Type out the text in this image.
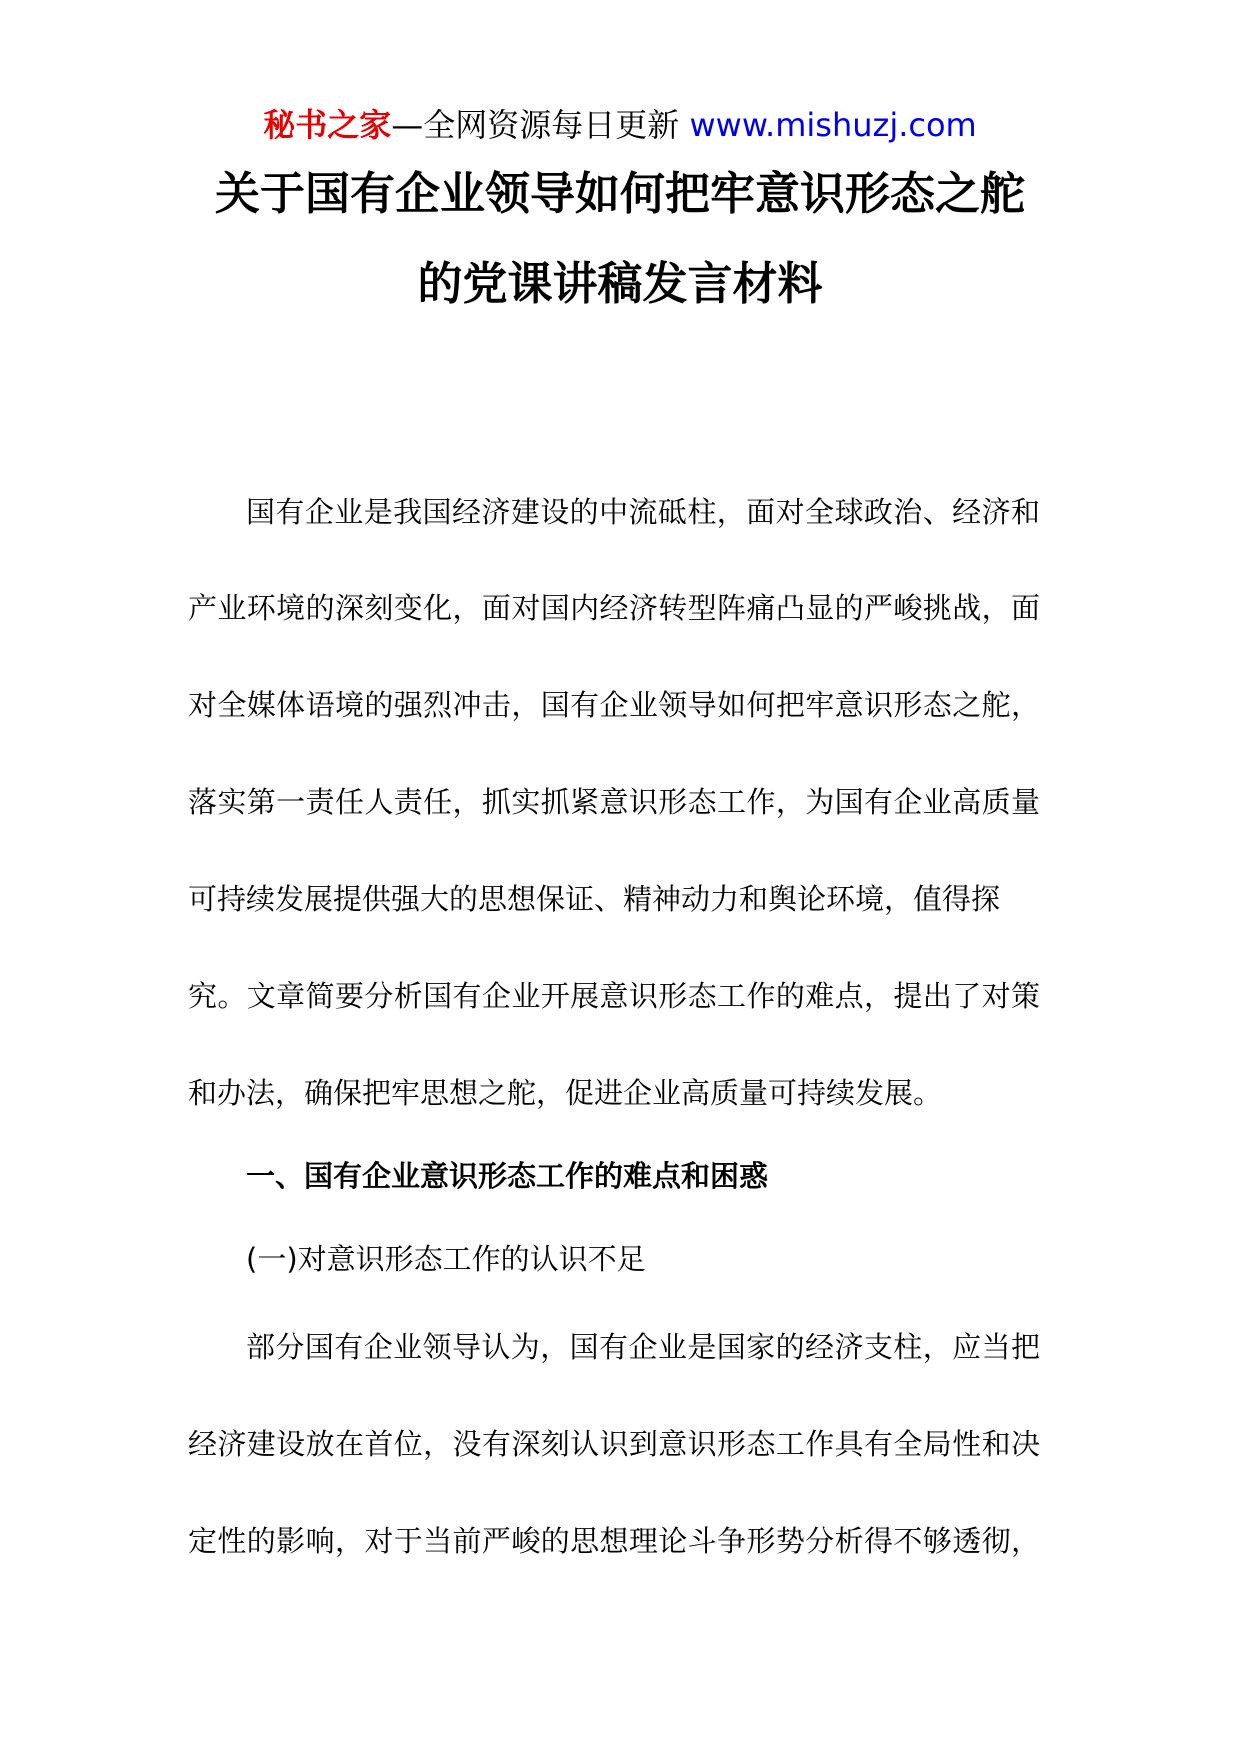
秘书之家—全网资源每日更新 www.mishuzj.com
关于国有企业领导如何把牢意识形态之舵
的党课讲稿发言材料
国有企业是我国经济建设的中流砥柱，面对全球政治、经济和
产业环境的深刻变化，面对国内经济转型阵痛凸显的严峻挑战，面
对全媒体语境的强烈冲击，国有企业领导如何把牢意识形态之舵，
落实第一责任人责任，抓实抓紧意识形态工作，为国有企业高质量
可持续发展提供强大的思想保证、精神动力和舆论环境，值得探
究。文章简要分析国有企业开展意识形态工作的难点，提出了对策
和办法，确保把牢思想之舵，促进企业高质量可持续发展。
一、国有企业意识形态工作的难点和困惑
(一)对意识形态工作的认识不足
部分国有企业领导认为，国有企业是国家的经济支柱，应当把
经济建设放在首位，没有深刻认识到意识形态工作具有全局性和决
定性的影响，对于当前严峻的思想理论斗争形势分析得不够透彻，
